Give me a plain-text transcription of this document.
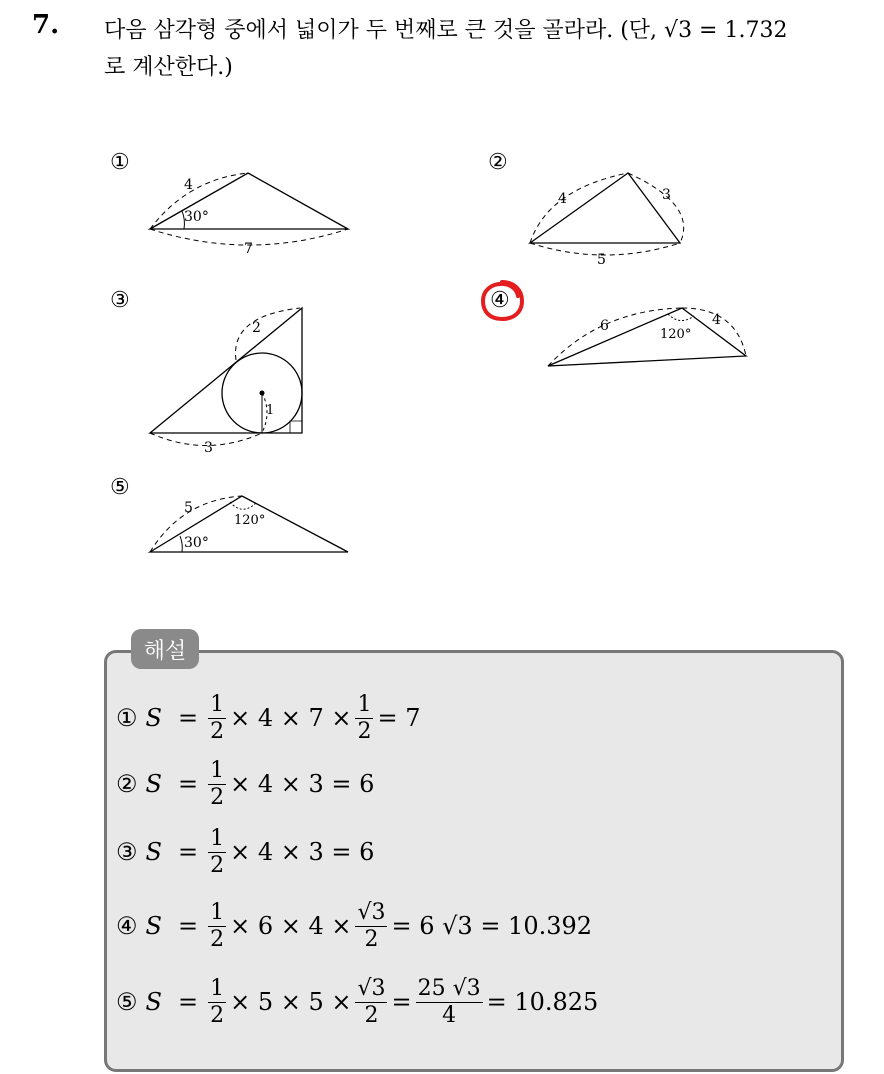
7. 다음 삼각형 중에서 넓이가 두 번째로 큰 것을 골라라. (단, √3 = 1.732
로 계산한다.)
①	②
③	④
⑤
4
30°
7
4	3
5
2
1
3
6
120°
4
5
120°
30°
해설
① $S = \frac{1}{2} \times 4 \times 7 \times \frac{1}{2} = 7$
② $S = \frac{1}{2} \times 4 \times 3 = 6$
③ $S = \frac{1}{2} \times 4 \times 3 = 6$
④ $S = \frac{1}{2} \times 6 \times 4 \times \frac{√3}{2} = 6$ √3 = 10.392
⑤ $S = \frac{1}{2} \times 5 \times 5 \times \frac{√3}{2} = \frac{25 √3}{4} = 10.825$
